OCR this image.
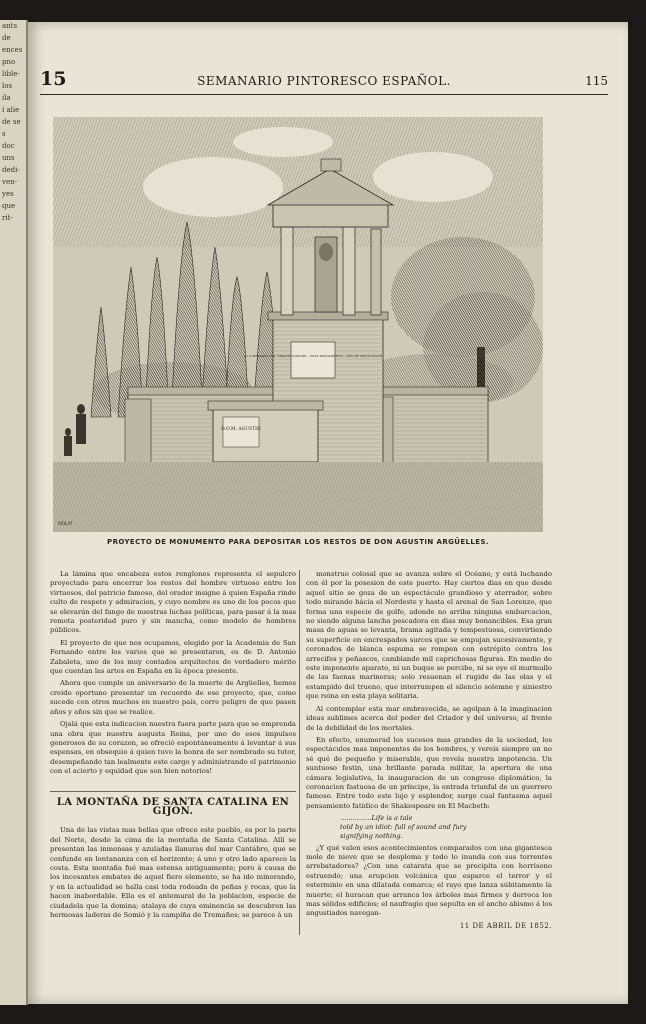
ants
de
ences
pno
lible-
los
ila
i alie
de se
s
doc
uns
dedi-
ven-
yes
que
rit-
15	SEMANARIO PINTORESCO ESPAÑOL.	115
D.O.M. AGUSTIN
RIOLAT
A LA MEMORIA DEL ORADOR INSIGNE... ESTE MONUMENTO... AÑO DE MDCCCXLVIII
PROYECTO DE MONUMENTO PARA DEPOSITAR LOS RESTOS DE DON AGUSTIN ARGÜELLES.

La lámina que encabeza estos renglones representa el sepulcro proyectado para encerrar los restos del hombre virtuoso entre los virtuosos, del patricio famoso, del orador insigne á quien España rinde culto de respeto y admiracion, y cuyo nombre es uno de los pocos que se elevarán del fango de nuestras luchas políticas, para pasar á la mas remota posteridad puro y sin mancha, como modelo de hombres públicos.

El proyecto de que nos ocupamos, elegido por la Academia de San Fernando entre los varios que se presentaron, es de D. Antonio Zabaleta, uno de los muy contados arquitectos de verdadero mérito que cuentan las artes en España en la época presente.

Ahora que cumple un aniversario de la muerte de Argüelles, hemos creido oportuno presentar un recuerdo de ese proyecto, que, como sucede con otros muchos en nuestro país, corre peligro de que pasen años y años sin que se realice.

Ojalá que esta indicacion nuestra fuera parte para que se emprenda una obra que nuestra augusta Reina, por uno de esos impulsos generosos de su corazon, se ofreció espontáneamente á levantar á sus espensas, en obsequio á quien tuvo la honra de ser nombrado su tutor, desempeñando tan lealmente este cargo y administrando el patrimonio con el acierto y equidad que son bien notorios!

LA MONTAÑA DE SANTA CATALINA EN GIJON.

Una de las vistas mas bellas que ofrece este pueblo, es por la parte del Norte, desde la cima de la montaña de Santa Catalina. Allí se presentan las inmensas y azuladas llanuras del mar Cantábro, que se confunde en lontananza con el horizonte; á uno y otro lado aparece la costa. Esta montaña fué mas estensa antiguamente; pero á causa de los incesantes embates de aquel fiero elemento, se ha ido minorando, y en la actualidad se halla casi toda rodeada de peñas y rocas, que la hacen inabordable. Ella es el antemural de la poblacion, especie de ciudadela que la domina; atalaya de cuya eminencia se descubren las hermosas laderas de Somió y la campiña de Tremañes; se parece á un

monstruo colosal que se avanza sobre el Océano, y está luchando con él por la posesion de este puerto. Hay ciertos dias en que desde aquel sitio se goza de un espectáculo grandioso y aterrador, sobre todo mirando hácia el Nordeste y hasta el arenal de San Lorenzo, que forma una especie de golfo, adonde no arriba ninguna embarcacion, no siendo alguna lancha pescadora en dias muy bonancibles. Esa gran masa de aguas se levanta, brama agitada y tempestuosa, convirtiendo su superficie en encrespados surcos que se empujan sucesivamente, y coronados de blanca espuma se rompen con estrépito contra los arrecifes y peñascos, cambiando mil caprichosas figuras. En medio de este imponente aparato, ni un buque se percibe, ni se oye el murmullo de las faenas marineras; solo resuenan el rugido de las olas y el estampido del trueno, que interrumpen el silencio solemne y siniestro que reina en esta playa solitaria.

Al contemplar esta mar embravecida, se agolpan á la imaginacion ideas sublimes acerca del poder del Criador y del universo, al frente de la debilidad de los mortales.

En efecto, enumerad los sucesos mas grandes de la sociedad, los espectáculos mas imponentes de los hombres, y vereis siempre un no sé qué de pequeño y miserable, que revela nuestra impotencia. Un suntuoso festin, una brillante parada militar, la apertura de una cámara legislativa, la inauguracion de un congreso diplomático, la coronacion fastuosa de un príncipe, la entrada triunfal de un guerrero famoso. Entre todo este lujo y esplendor, surge cual fantasma aquel pensamiento fatídico de Shakespeare en El Macbeth:

...............Life is a tale
told by an idiot: full of sound and fury
signifying nothing.

¿Y qué valen esos acontecimientos comparados con una gigantesca mole de nieve que se desploma y todo lo inunda con sus torrentes arrebatadores? ¿Con una catarata que se precipita con horrísono estruendo; una erupcion volcánica que esparce el terror y el esterminio en una dilatada comarca; el rayo que lanza súbitamente la muerte; el huracan que arranca los árboles mas firmes y derroca los mas sólidos edificios; el naufragio que sepulta en el ancho abismo á los angustiados navegan-

11 DE ABRIL DE 1852.
